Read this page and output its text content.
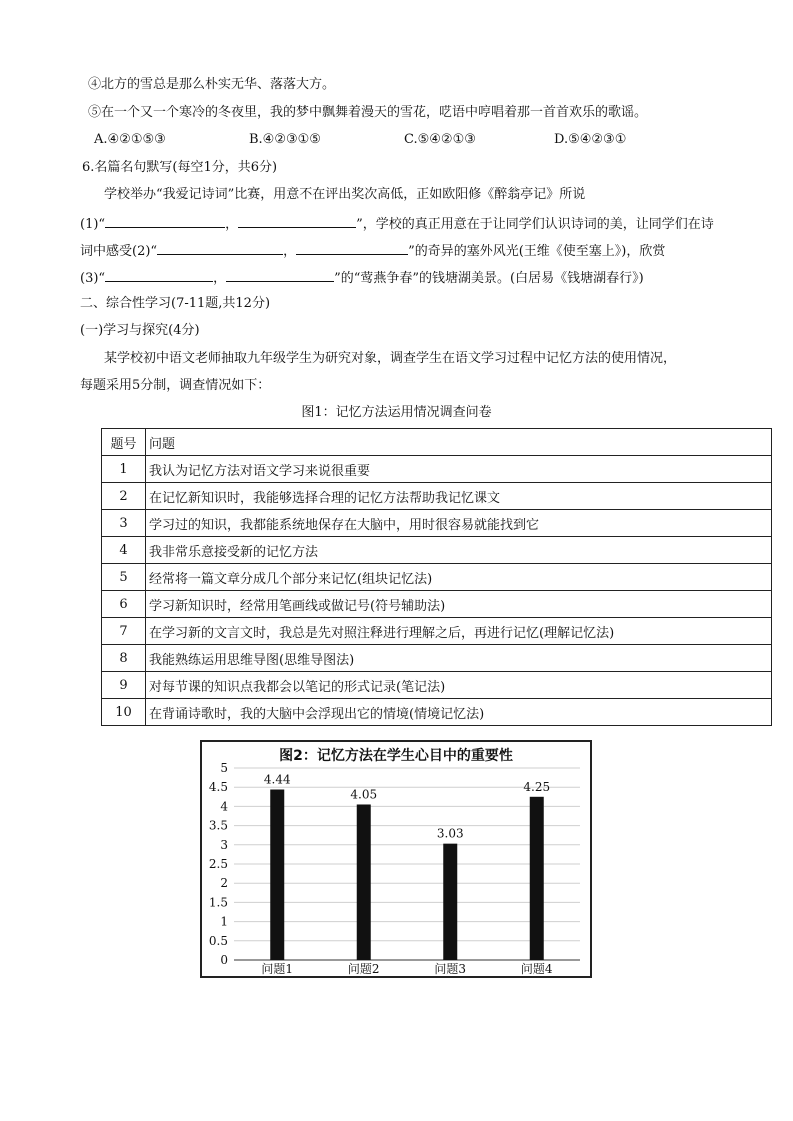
④北方的雪总是那么朴实无华、落落大方。
⑤在一个又一个寒冷的冬夜里，我的梦中飘舞着漫天的雪花，呓语中哼唱着那一首首欢乐的歌谣。
A.④②①⑤③	B.④②③①⑤	C.⑤④②①③	D.⑤④②③①
6.名篇名句默写(每空1分，共6分)
学校举办“我爱记诗词”比赛，用意不在评出奖次高低，正如欧阳修《醉翁亭记》所说
(1)“	，	”，学校的真正用意在于让同学们认识诗词的美，让同学们在诗
词中感受(2)“	，	”的奇异的塞外风光(王维《使至塞上》)，欣赏
(3)“	，	”的“莺燕争春”的钱塘湖美景。(白居易《钱塘湖春行》)
二、综合性学习(7-11题,共12分)
(一)学习与探究(4分)
某学校初中语文老师抽取九年级学生为研究对象，调查学生在语文学习过程中记忆方法的使用情况，
每题采用5分制，调查情况如下：
图1：记忆方法运用情况调查问卷
题号	问题
1	我认为记忆方法对语文学习来说很重要
2	在记忆新知识时，我能够选择合理的记忆方法帮助我记忆课文
3	学习过的知识，我都能系统地保存在大脑中，用时很容易就能找到它
4	我非常乐意接受新的记忆方法
5	经常将一篇文章分成几个部分来记忆(组块记忆法)
6	学习新知识时，经常用笔画线或做记号(符号辅助法)
7	在学习新的文言文时，我总是先对照注释进行理解之后，再进行记忆(理解记忆法)
8	我能熟练运用思维导图(思维导图法)
9	对每节课的知识点我都会以笔记的形式记录(笔记法)
10	在背诵诗歌时，我的大脑中会浮现出它的情境(情境记忆法)
图2：记忆方法在学生心目中的重要性
0
0.5
1
1.5
2
2.5
3
3.5
4
4.5
5
4.44
问题1
4.05
问题2
3.03
问题3
4.25
问题4
